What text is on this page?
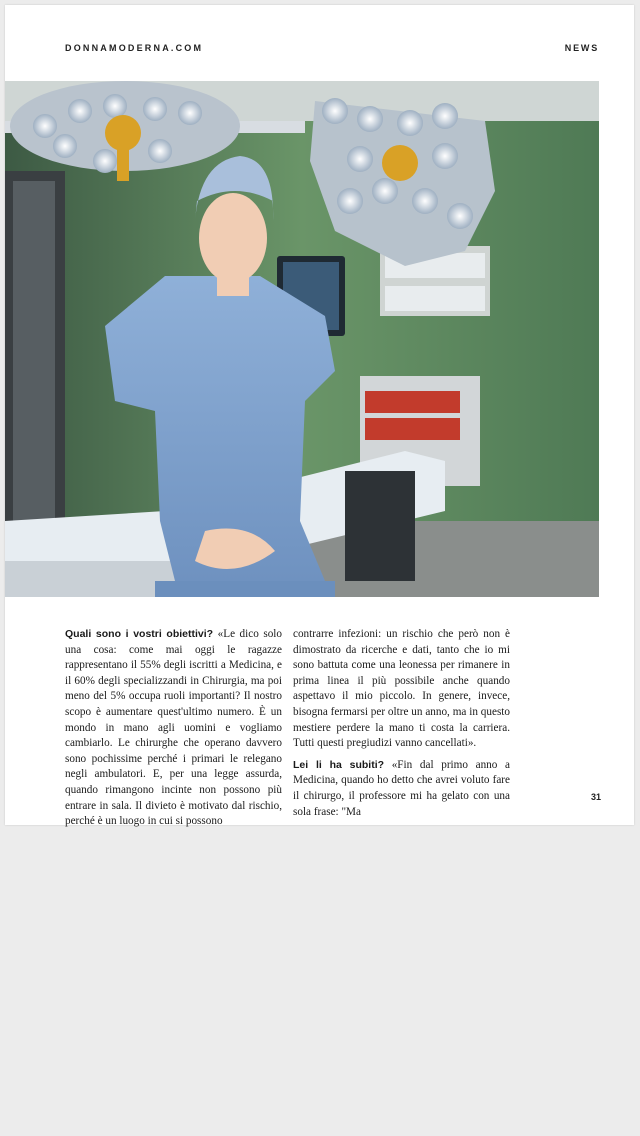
DONNAMODERNA.COM	NEWS

Quali sono i vostri obiettivi? «Le dico solo una cosa: come mai oggi le ragazze rappresentano il 55% degli iscritti a Medicina, e il 60% degli specializzandi in Chirurgia, ma poi meno del 5% occupa ruoli importanti? Il nostro scopo è aumentare quest'ultimo numero. È un mondo in mano agli uomini e vogliamo cambiarlo. Le chirurghe che operano davvero sono pochissime perché i primari le relegano negli ambulatori. E, per una legge assurda, quando rimangono incinte non possono più entrare in sala. Il divieto è motivato dal rischio, perché è un luogo in cui si possono

contrarre infezioni: un rischio che però non è dimostrato da ricerche e dati, tanto che io mi sono battuta come una leonessa per rimanere in prima linea il più possibile anche quando aspettavo il mio piccolo. In genere, invece, bisogna fermarsi per oltre un anno, ma in questo mestiere perdere la mano ti costa la carriera. Tutti questi pregiudizi vanno cancellati».

Lei li ha subiti? «Fin dal primo anno a Medicina, quando ho detto che avrei voluto fare il chirurgo, il professore mi ha gelato con una sola frase: "Ma

31
